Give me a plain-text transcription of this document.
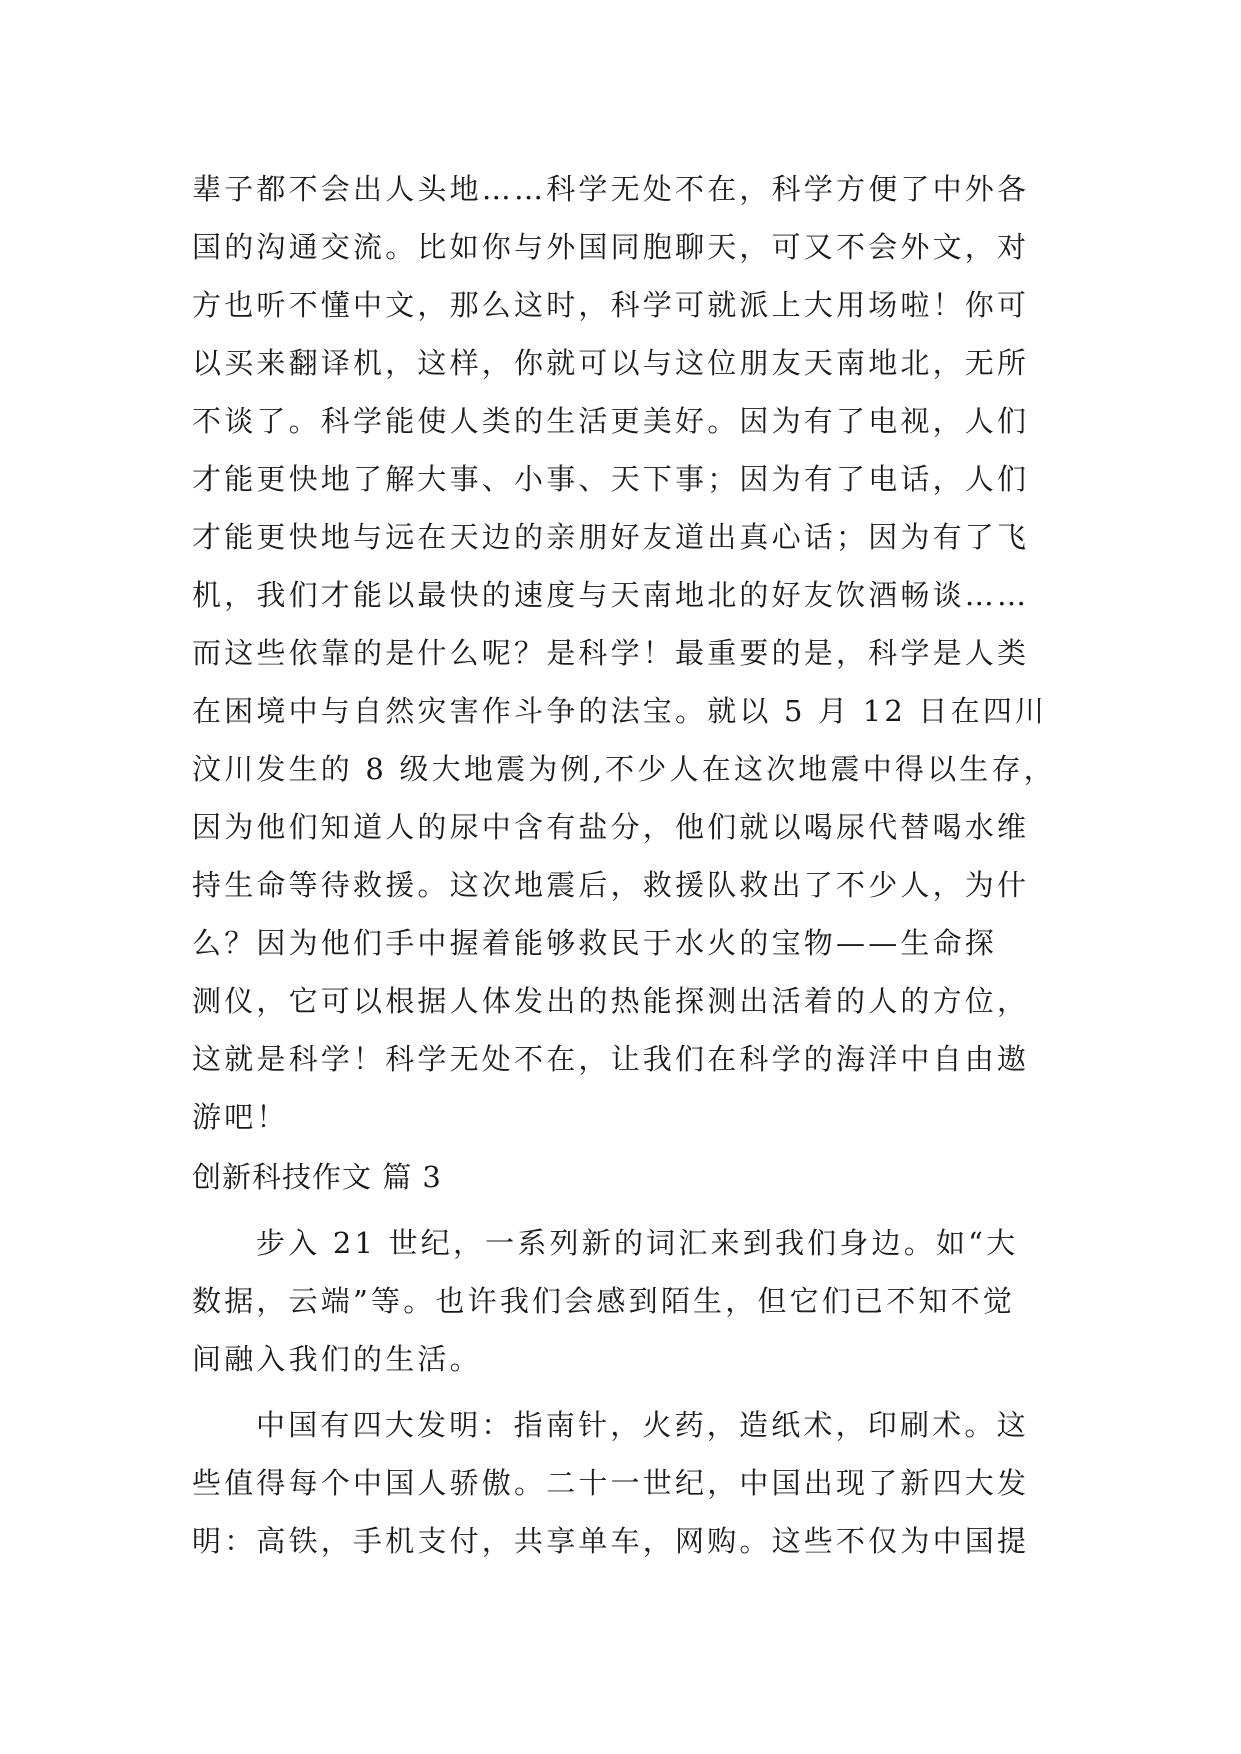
辈子都不会出人头地……科学无处不在，科学方便了中外各
国的沟通交流。比如你与外国同胞聊天，可又不会外文，对
方也听不懂中文，那么这时，科学可就派上大用场啦！你可
以买来翻译机，这样，你就可以与这位朋友天南地北，无所
不谈了。科学能使人类的生活更美好。因为有了电视，人们
才能更快地了解大事、小事、天下事；因为有了电话，人们
才能更快地与远在天边的亲朋好友道出真心话；因为有了飞
机，我们才能以最快的速度与天南地北的好友饮酒畅谈……
而这些依靠的是什么呢？是科学！最重要的是，科学是人类
在困境中与自然灾害作斗争的法宝。就以 5 月 12 日在四川
汶川发生的 8 级大地震为例,不少人在这次地震中得以生存，
因为他们知道人的尿中含有盐分，他们就以喝尿代替喝水维
持生命等待救援。这次地震后，救援队救出了不少人，为什
么？因为他们手中握着能够救民于水火的宝物——生命探
测仪，它可以根据人体发出的热能探测出活着的人的方位，
这就是科学！科学无处不在，让我们在科学的海洋中自由遨
游吧！
创新科技作文 篇 3
步入 21 世纪，一系列新的词汇来到我们身边。如“大
数据，云端”等。也许我们会感到陌生，但它们已不知不觉
间融入我们的生活。
中国有四大发明：指南针，火药，造纸术，印刷术。这
些值得每个中国人骄傲。二十一世纪，中国出现了新四大发
明：高铁，手机支付，共享单车，网购。这些不仅为中国提
